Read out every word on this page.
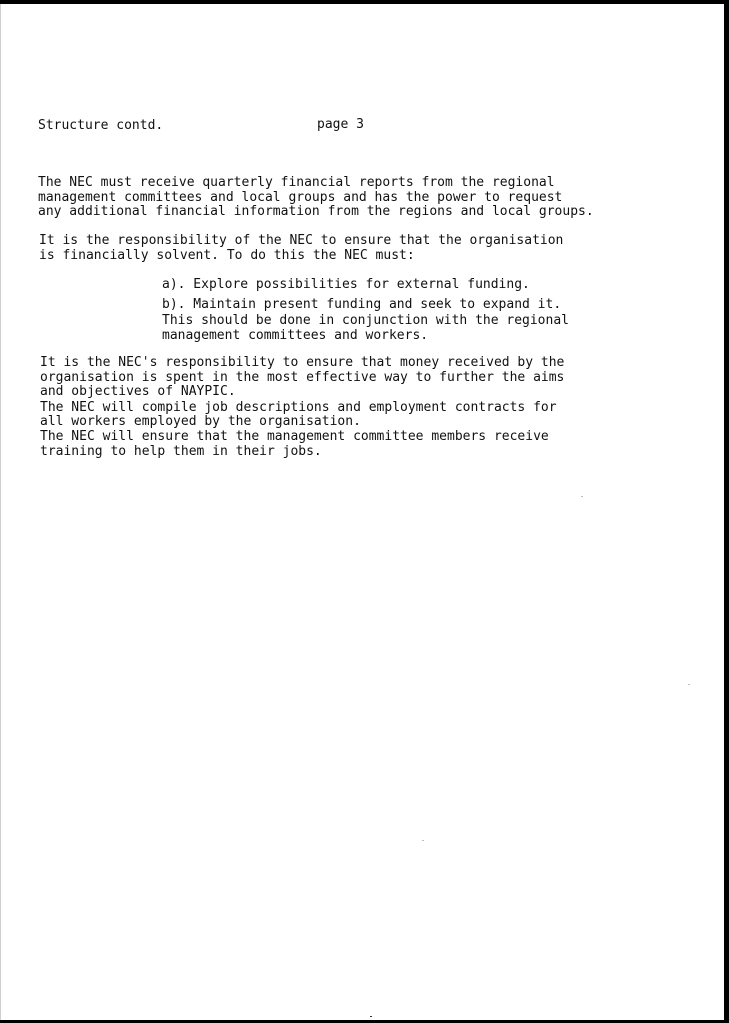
Structure contd.	page 3
The NEC must receive quarterly financial reports from the regional
management committees and local groups and has the power to request
any additional financial information from the regions and local groups.
It is the responsibility of the NEC to ensure that the organisation
is financially solvent. To do this the NEC must:
a). Explore possibilities for external funding.
b). Maintain present funding and seek to expand it.
This should be done in conjunction with the regional
management committees and workers.
It is the NEC's responsibility to ensure that money received by the
organisation is spent in the most effective way to further the aims
and objectives of NAYPIC.
The NEC will compile job descriptions and employment contracts for
all workers employed by the organisation.
The NEC will ensure that the management committee members receive
training to help them in their jobs.
